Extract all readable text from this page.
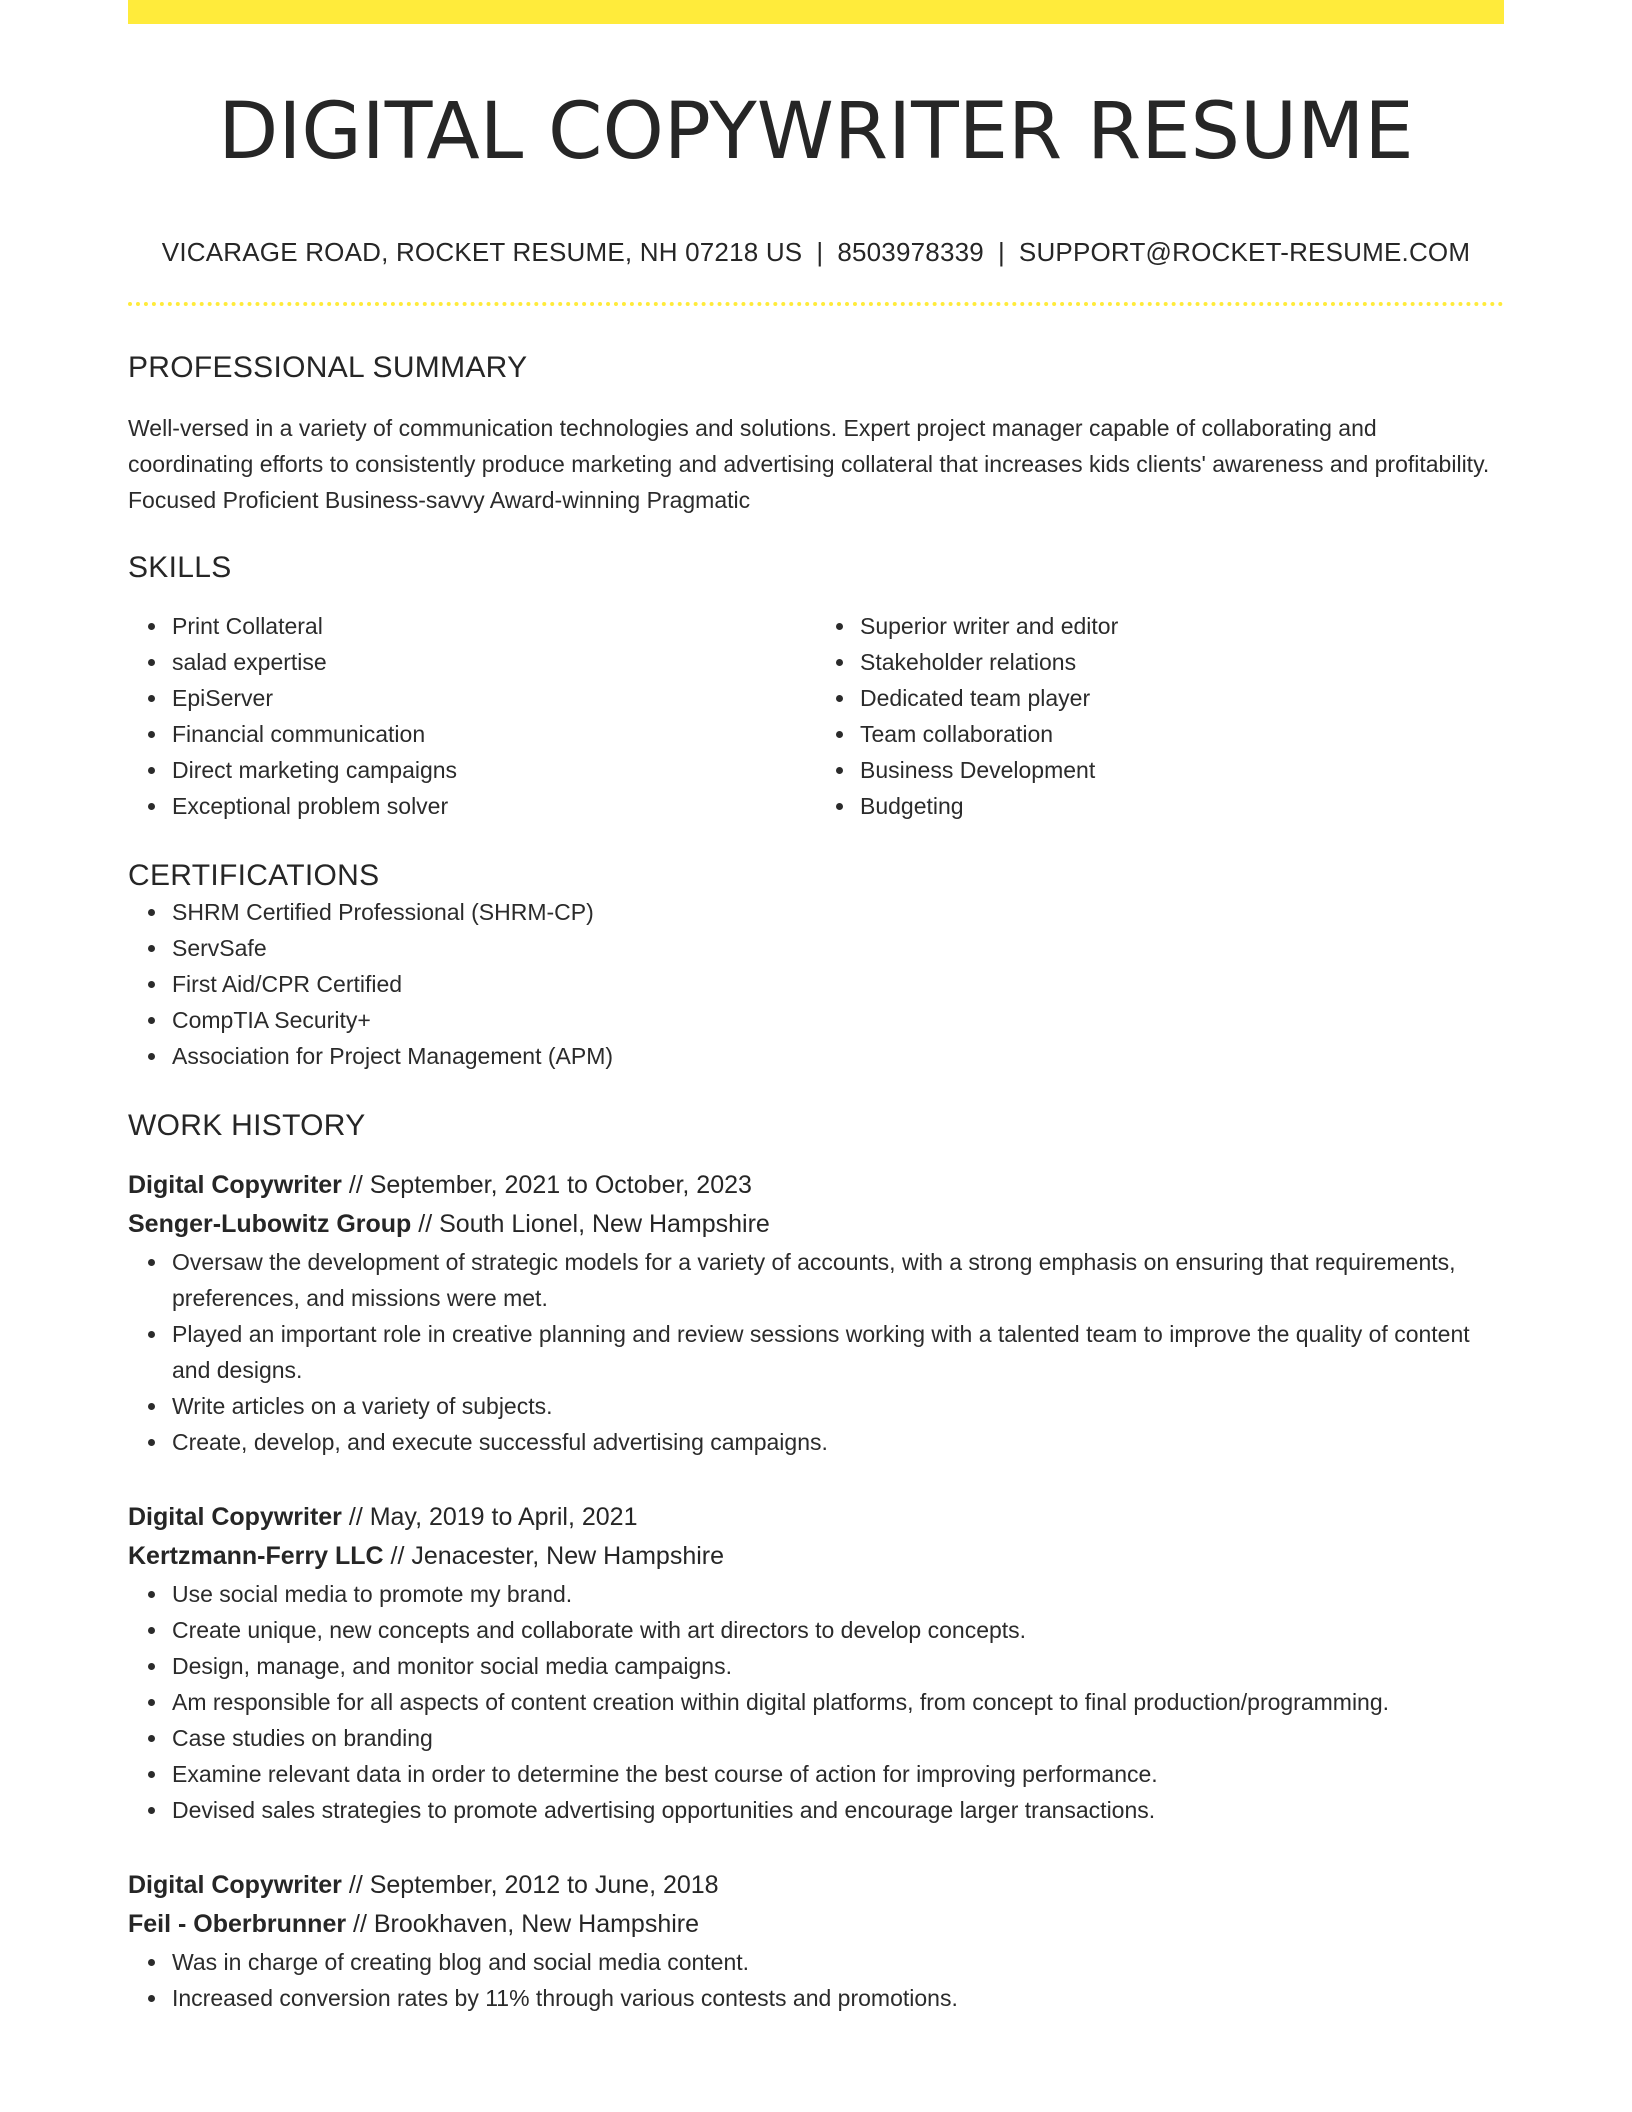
DIGITAL COPYWRITER RESUME
VICARAGE ROAD, ROCKET RESUME, NH 07218 US | 8503978339 | SUPPORT@ROCKET-RESUME.COM
PROFESSIONAL SUMMARY
Well-versed in a variety of communication technologies and solutions. Expert project manager capable of collaborating and coordinating efforts to consistently produce marketing and advertising collateral that increases kids clients' awareness and profitability. Focused Proficient Business-savvy Award-winning Pragmatic
SKILLS
Print Collateral
salad expertise
EpiServer
Financial communication
Direct marketing campaigns
Exceptional problem solver
Superior writer and editor
Stakeholder relations
Dedicated team player
Team collaboration
Business Development
Budgeting
CERTIFICATIONS
SHRM Certified Professional (SHRM-CP)
ServSafe
First Aid/CPR Certified
CompTIA Security+
Association for Project Management (APM)
WORK HISTORY
Digital Copywriter // September, 2021 to October, 2023
Senger-Lubowitz Group // South Lionel, New Hampshire
Oversaw the development of strategic models for a variety of accounts, with a strong emphasis on ensuring that requirements, preferences, and missions were met.
Played an important role in creative planning and review sessions working with a talented team to improve the quality of content and designs.
Write articles on a variety of subjects.
Create, develop, and execute successful advertising campaigns.
Digital Copywriter // May, 2019 to April, 2021
Kertzmann-Ferry LLC // Jenacester, New Hampshire
Use social media to promote my brand.
Create unique, new concepts and collaborate with art directors to develop concepts.
Design, manage, and monitor social media campaigns.
Am responsible for all aspects of content creation within digital platforms, from concept to final production/programming.
Case studies on branding
Examine relevant data in order to determine the best course of action for improving performance.
Devised sales strategies to promote advertising opportunities and encourage larger transactions.
Digital Copywriter // September, 2012 to June, 2018
Feil - Oberbrunner // Brookhaven, New Hampshire
Was in charge of creating blog and social media content.
Increased conversion rates by 11% through various contests and promotions.
